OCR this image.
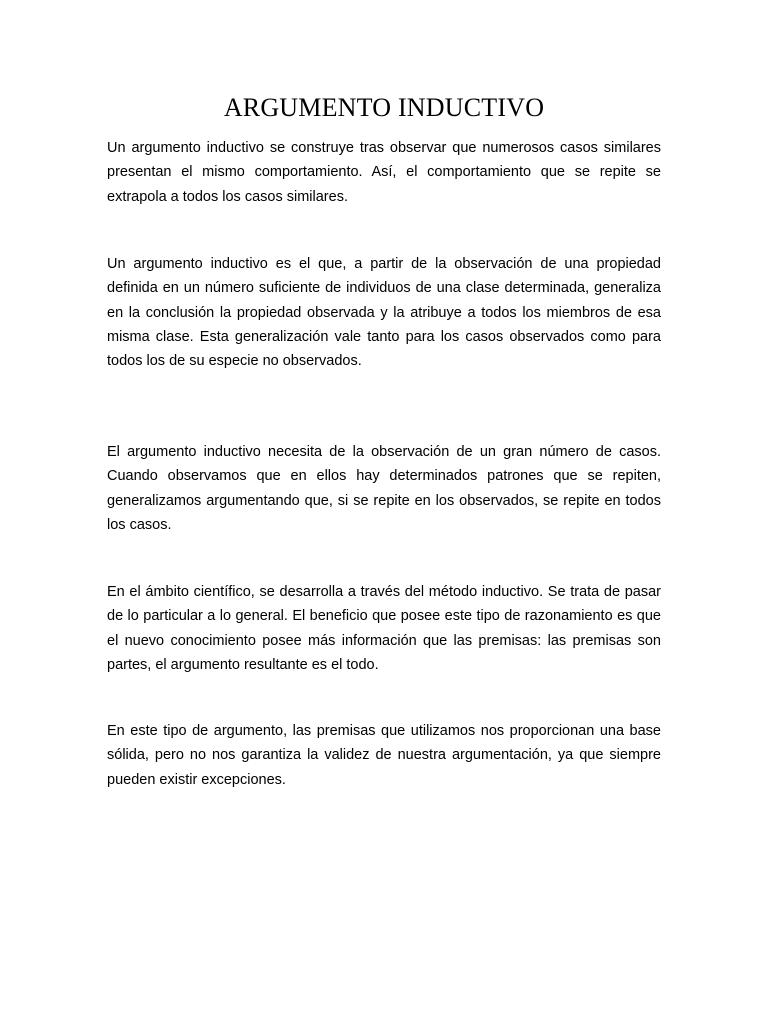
ARGUMENTO INDUCTIVO

Un argumento inductivo se construye tras observar que numerosos casos similares presentan el mismo comportamiento. Así, el comportamiento que se repite se extrapola a todos los casos similares.

Un argumento inductivo es el que, a partir de la observación de una propiedad definida en un número suficiente de individuos de una clase determinada, generaliza en la conclusión la propiedad observada y la atribuye a todos los miembros de esa misma clase. Esta generalización vale tanto para los casos observados como para todos los de su especie no observados.

El argumento inductivo necesita de la observación de un gran número de casos. Cuando observamos que en ellos hay determinados patrones que se repiten, generalizamos argumentando que, si se repite en los observados, se repite en todos los casos.

En el ámbito científico, se desarrolla a través del método inductivo. Se trata de pasar de lo particular a lo general. El beneficio que posee este tipo de razonamiento es que el nuevo conocimiento posee más información que las premisas: las premisas son partes, el argumento resultante es el todo.

En este tipo de argumento, las premisas que utilizamos nos proporcionan una base sólida, pero no nos garantiza la validez de nuestra argumentación, ya que siempre pueden existir excepciones.
